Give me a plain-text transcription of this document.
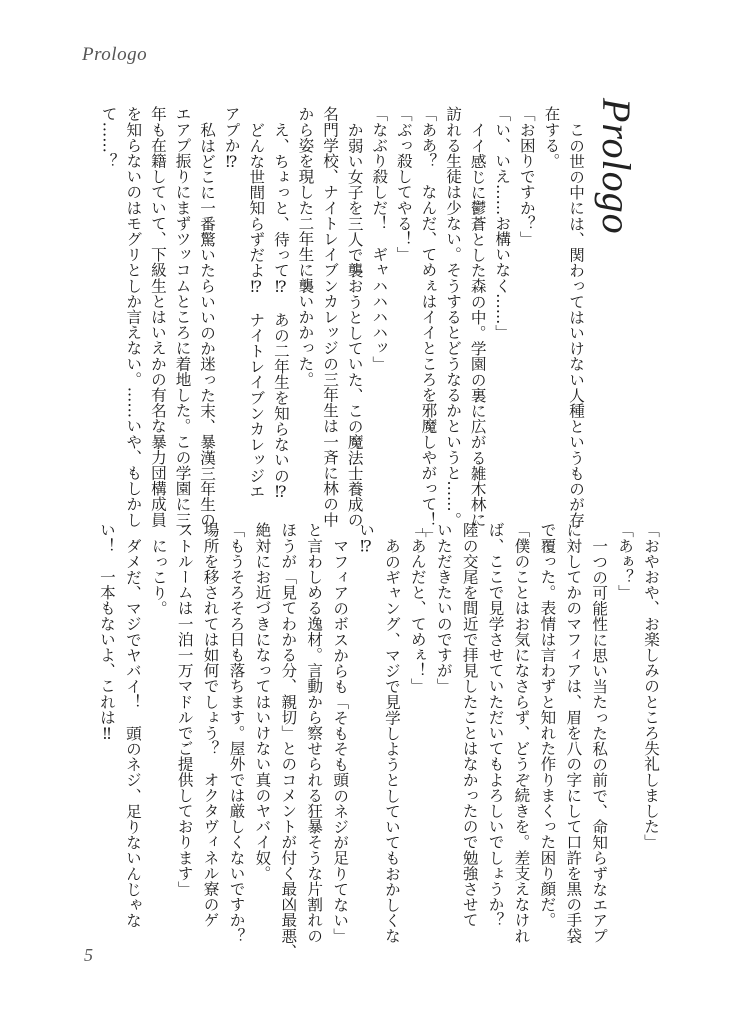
Prologo
Prologo
この世の中には、関わってはいけない人種というものが存
在する。
「お困りですか？」
「い、いえ……お構いなく……」
イイ感じに鬱蒼とした森の中。学園の裏に広がる雑木林に
訪れる生徒は少ない。そうするとどうなるかというと……。
「ああ？　なんだ、てめぇはイイところを邪魔しやがって！」
「ぶっ殺してやる！」
「なぶり殺しだ！　ギャハハハハッ」
か弱い女子を三人で襲おうとしていた、この魔法士養成の
名門学校、ナイトレイブンカレッジの三年生は一斉に林の中
から姿を現した二年生に襲いかかった。
え、ちょっと、待って⁉　あの二年生を知らないの⁉
どんな世間知らずだよ⁉　ナイトレイブンカレッジエ
アプか⁉
私はどこに一番驚いたらいいのか迷った末、暴漢三年生の
エアプ振りにまずツッコムところに着地した。この学園に三
年も在籍していて、下級生とはいえかの有名な暴力団構成員
を知らないのはモグリとしか言えない。……いや、もしかし
て……？
「おやおや、お楽しみのところ失礼しました」
「あぁ？」
一つの可能性に思い当たった私の前で、命知らずなエアプ
に対してかのマフィアは、眉を八の字にして口許を黒の手袋
で覆った。表情は言わずと知れた作りまくった困り顔だ。
「僕のことはお気になさらず、どうぞ続きを。差支えなけれ
ば、ここで見学させていただいてもよろしいでしょうか？
陸の交尾を間近で拝見したことはなかったので勉強させて
いただきたいのですが」
「あんだと、てめぇ！」
あのギャング、マジで見学しようとしていてもおかしくな
い⁉
マフィアのボスからも「そもそも頭のネジが足りてない」
と言わしめる逸材。言動から察せられる狂暴そうな片割れの
ほうが「見てわかる分、親切」とのコメントが付く最凶最悪、
絶対にお近づきになってはいけない真のヤバイ奴。
「もうそろそろ日も落ちます。屋外では厳しくないですか？
場所を移されては如何でしょう？　オクタヴィネル寮のゲ
ストルームは一泊一万マドルでご提供しております」
にっこり。
ダメだ、マジでヤバイ！　頭のネジ、足りないんじゃな
い！　一本もないよ、これは‼
5
